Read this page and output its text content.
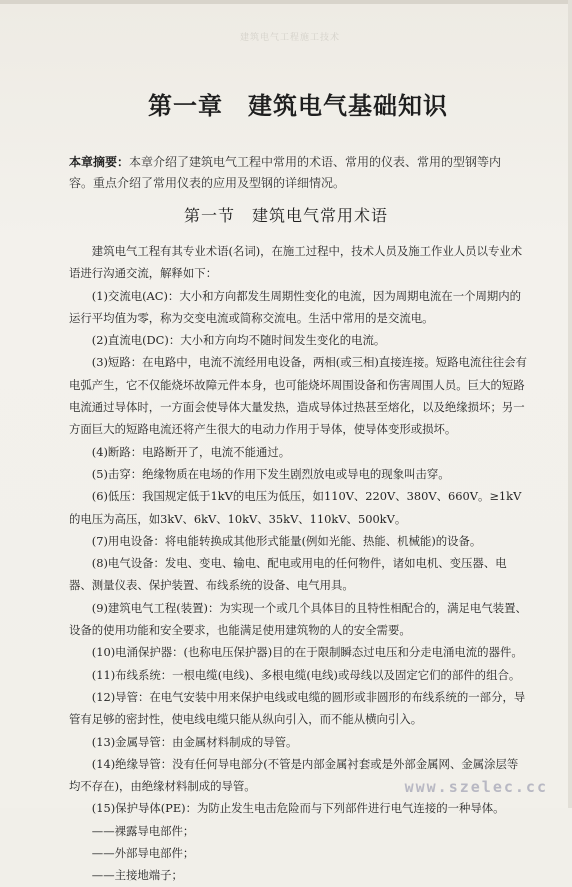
建筑电气工程施工技术
第一章　建筑电气基础知识
本章摘要：本章介绍了建筑电气工程中常用的术语、常用的仪表、常用的型钢等内容。重点介绍了常用仪表的应用及型钢的详细情况。
第一节　建筑电气常用术语

建筑电气工程有其专业术语(名词)，在施工过程中，技术人员及施工作业人员以专业术语进行沟通交流，解释如下：

(1)交流电(AC)：大小和方向都发生周期性变化的电流，因为周期电流在一个周期内的运行平均值为零，称为交变电流或简称交流电。生活中常用的是交流电。

(2)直流电(DC)：大小和方向均不随时间发生变化的电流。

(3)短路：在电路中，电流不流经用电设备，两相(或三相)直接连接。短路电流往往会有电弧产生，它不仅能烧坏故障元件本身，也可能烧坏周围设备和伤害周围人员。巨大的短路电流通过导体时，一方面会使导体大量发热，造成导体过热甚至熔化，以及绝缘损坏；另一方面巨大的短路电流还将产生很大的电动力作用于导体，使导体变形或损坏。

(4)断路：电路断开了，电流不能通过。

(5)击穿：绝缘物质在电场的作用下发生剧烈放电或导电的现象叫击穿。

(6)低压：我国规定低于1kV的电压为低压，如110V、220V、380V、660V。≥1kV的电压为高压，如3kV、6kV、10kV、35kV、110kV、500kV。

(7)用电设备：将电能转换成其他形式能量(例如光能、热能、机械能)的设备。

(8)电气设备：发电、变电、输电、配电或用电的任何物件，诸如电机、变压器、电器、测量仪表、保护装置、布线系统的设备、电气用具。

(9)建筑电气工程(装置)：为实现一个或几个具体目的且特性相配合的，满足电气装置、设备的使用功能和安全要求，也能满足使用建筑物的人的安全需要。

(10)电涌保护器：(也称电压保护器)目的在于限制瞬态过电压和分走电涌电流的器件。

(11)布线系统：一根电缆(电线)、多根电缆(电线)或母线以及固定它们的部件的组合。

(12)导管：在电气安装中用来保护电线或电缆的圆形或非圆形的布线系统的一部分，导管有足够的密封性，使电线电缆只能从纵向引入，而不能从横向引入。

(13)金属导管：由金属材料制成的导管。

(14)绝缘导管：没有任何导电部分(不管是内部金属衬套或是外部金属网、金属涂层等均不存在)，由绝缘材料制成的导管。

(15)保护导体(PE)：为防止发生电击危险而与下列部件进行电气连接的一种导体。

——裸露导电部件；

——外部导电部件；

——主接地端子；

www.szelec.cc
